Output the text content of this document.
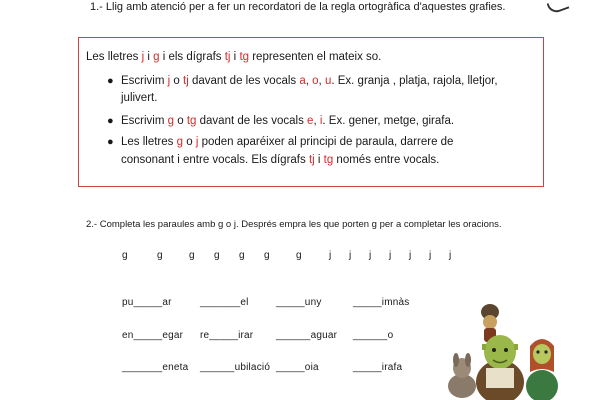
1.- Llig amb atenció per a fer un recordatori de la regla ortogràfica d'aquestes grafies.
Les lletres j i g i els dígrafs tj i tg representen el mateix so.
● Escrivim j o tj davant de les vocals a, o, u. Ex. granja , platja, rajola, lletjor,
julivert.
● Escrivim g o tg davant de les vocals e, i. Ex. gener, metge, girafa.
● Les lletres g o j poden aparéixer al principi de paraula, darrere de
consonant i entre vocals. Els dígrafs tj i tg només entre vocals.
2.- Completa les paraules amb g o j. Després empra les que porten g per a completar les oracions.
g	g	g g g g	g	j j j j j j j
pu_____ar	_______el	_____uny	_____imnàs
en_____egar re_____irar ______aguar ______o
_______eneta ______ubilació _____oia	_____irafa
